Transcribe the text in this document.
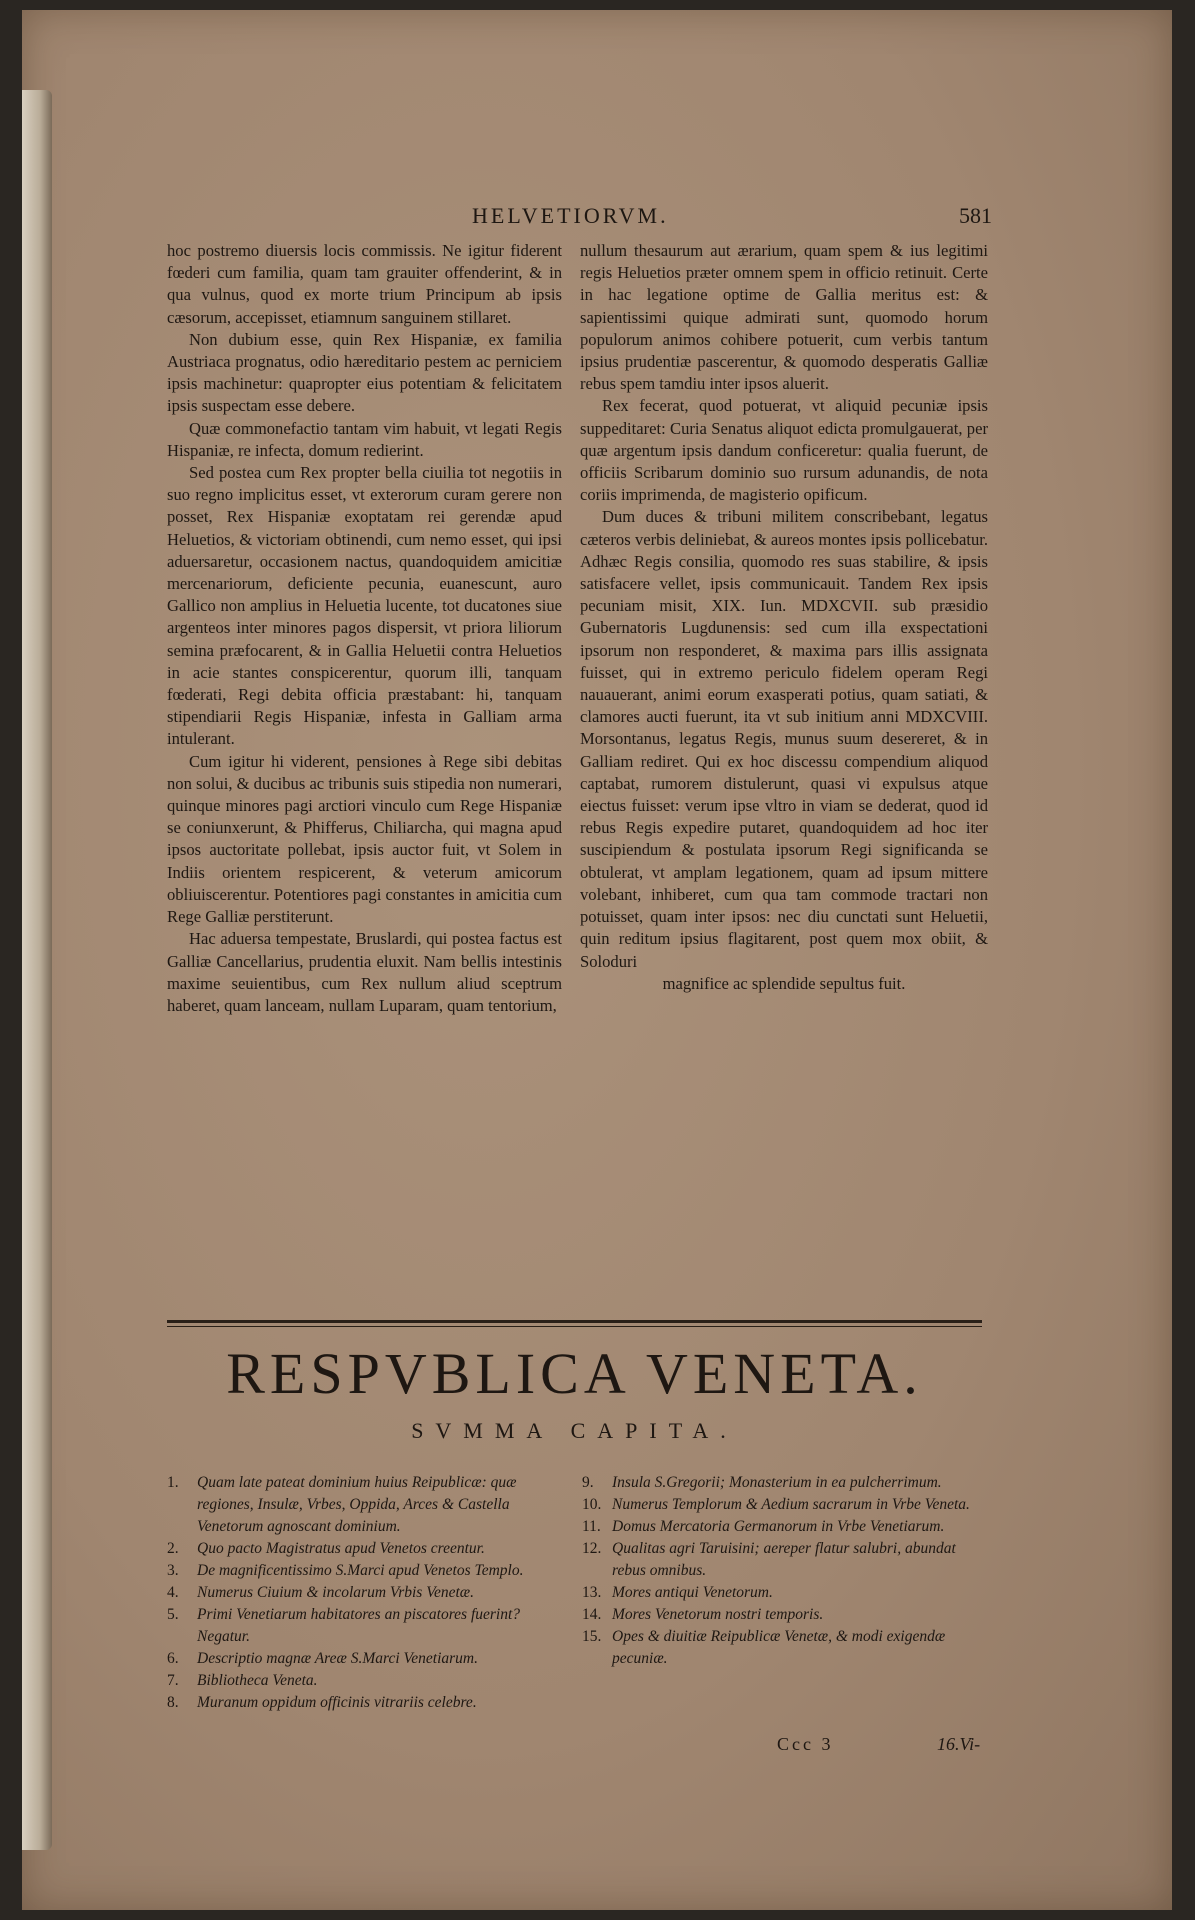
HELVETIORVM.	581

hoc postremo diuersis locis commissis. Ne igitur fiderent fœderi cum familia, quam tam grauiter offenderint, & in qua vulnus, quod ex morte trium Principum ab ipsis cæsorum, accepisset, etiamnum sanguinem stillaret.

Non dubium esse, quin Rex Hispaniæ, ex familia Austriaca prognatus, odio hæreditario pestem ac perniciem ipsis machinetur: quapropter eius potentiam & felicitatem ipsis suspectam esse debere.

Quæ commonefactio tantam vim habuit, vt legati Regis Hispaniæ, re infecta, domum redierint.

Sed postea cum Rex propter bella ciuilia tot negotiis in suo regno implicitus esset, vt exterorum curam gerere non posset, Rex Hispaniæ exoptatam rei gerendæ apud Heluetios, & victoriam obtinendi, cum nemo esset, qui ipsi aduersaretur, occasionem nactus, quandoquidem amicitiæ mercenariorum, deficiente pecunia, euanescunt, auro Gallico non amplius in Heluetia lucente, tot ducatones siue argenteos inter minores pagos dispersit, vt priora liliorum semina præfocarent, & in Gallia Heluetii contra Heluetios in acie stantes conspicerentur, quorum illi, tanquam fœderati, Regi debita officia præstabant: hi, tanquam stipendiarii Regis Hispaniæ, infesta in Galliam arma intulerant.

Cum igitur hi viderent, pensiones à Rege sibi debitas non solui, & ducibus ac tribunis suis stipedia non numerari, quinque minores pagi arctiori vinculo cum Rege Hispaniæ se coniunxerunt, & Phifferus, Chiliarcha, qui magna apud ipsos auctoritate pollebat, ipsis auctor fuit, vt Solem in Indiis orientem respicerent, & veterum amicorum obliuiscerentur. Potentiores pagi constantes in amicitia cum Rege Galliæ perstiterunt.

Hac aduersa tempestate, Bruslardi, qui postea factus est Galliæ Cancellarius, prudentia eluxit. Nam bellis intestinis maxime seuientibus, cum Rex nullum aliud sceptrum haberet, quam lanceam, nullam Luparam, quam tentorium,

nullum thesaurum aut ærarium, quam spem & ius legitimi regis Heluetios præter omnem spem in officio retinuit. Certe in hac legatione optime de Gallia meritus est: & sapientissimi quique admirati sunt, quomodo horum populorum animos cohibere potuerit, cum verbis tantum ipsius prudentiæ pascerentur, & quomodo desperatis Galliæ rebus spem tamdiu inter ipsos aluerit.

Rex fecerat, quod potuerat, vt aliquid pecuniæ ipsis suppeditaret: Curia Senatus aliquot edicta promulgauerat, per quæ argentum ipsis dandum conficeretur: qualia fuerunt, de officiis Scribarum dominio suo rursum adunandis, de nota coriis imprimenda, de magisterio opificum.

Dum duces & tribuni militem conscribebant, legatus cæteros verbis deliniebat, & aureos montes ipsis pollicebatur. Adhæc Regis consilia, quomodo res suas stabilire, & ipsis satisfacere vellet, ipsis communicauit. Tandem Rex ipsis pecuniam misit, XIX. Iun. MDXCVII. sub præsidio Gubernatoris Lugdunensis: sed cum illa exspectationi ipsorum non responderet, & maxima pars illis assignata fuisset, qui in extremo periculo fidelem operam Regi nauauerant, animi eorum exasperati potius, quam satiati, & clamores aucti fuerunt, ita vt sub initium anni MDXCVIII. Morsontanus, legatus Regis, munus suum desereret, & in Galliam rediret. Qui ex hoc discessu compendium aliquod captabat, rumorem distulerunt, quasi vi expulsus atque eiectus fuisset: verum ipse vltro in viam se dederat, quod id rebus Regis expedire putaret, quandoquidem ad hoc iter suscipiendum & postulata ipsorum Regi significanda se obtulerat, vt amplam legationem, quam ad ipsum mittere volebant, inhiberet, cum qua tam commode tractari non potuisset, quam inter ipsos: nec diu cunctati sunt Heluetii, quin reditum ipsius flagitarent, post quem mox obiit, & Soloduri

magnifice ac splendide sepultus fuit.

RESPVBLICA VENETA.
SVMMA CAPITA.
1.	Quam late pateat dominium huius Reipublicæ: quæ regiones, Insulæ, Vrbes, Oppida, Arces & Castella Venetorum agnoscant dominium.
2.	Quo pacto Magistratus apud Venetos creentur.
3.	De magnificentissimo S.Marci apud Venetos Templo.
4.	Numerus Ciuium & incolarum Vrbis Venetæ.
5.	Primi Venetiarum habitatores an piscatores fuerint? Negatur.
6.	Descriptio magnæ Areæ S.Marci Venetiarum.
7.	Bibliotheca Veneta.
8.	Muranum oppidum officinis vitrariis celebre.
9.	Insula S.Gregorii; Monasterium in ea pulcherrimum.
10. Numerus Templorum & Aedium sacrarum in Vrbe Veneta.
11. Domus Mercatoria Germanorum in Vrbe Venetiarum.
12. Qualitas agri Taruisini; aereper flatur salubri, abundat rebus omnibus.
13. Mores antiqui Venetorum.
14. Mores Venetorum nostri temporis.
15. Opes & diuitiæ Reipublicæ Venetæ, & modi exigendæ pecuniæ.
Ccc 3	16.Vi-
